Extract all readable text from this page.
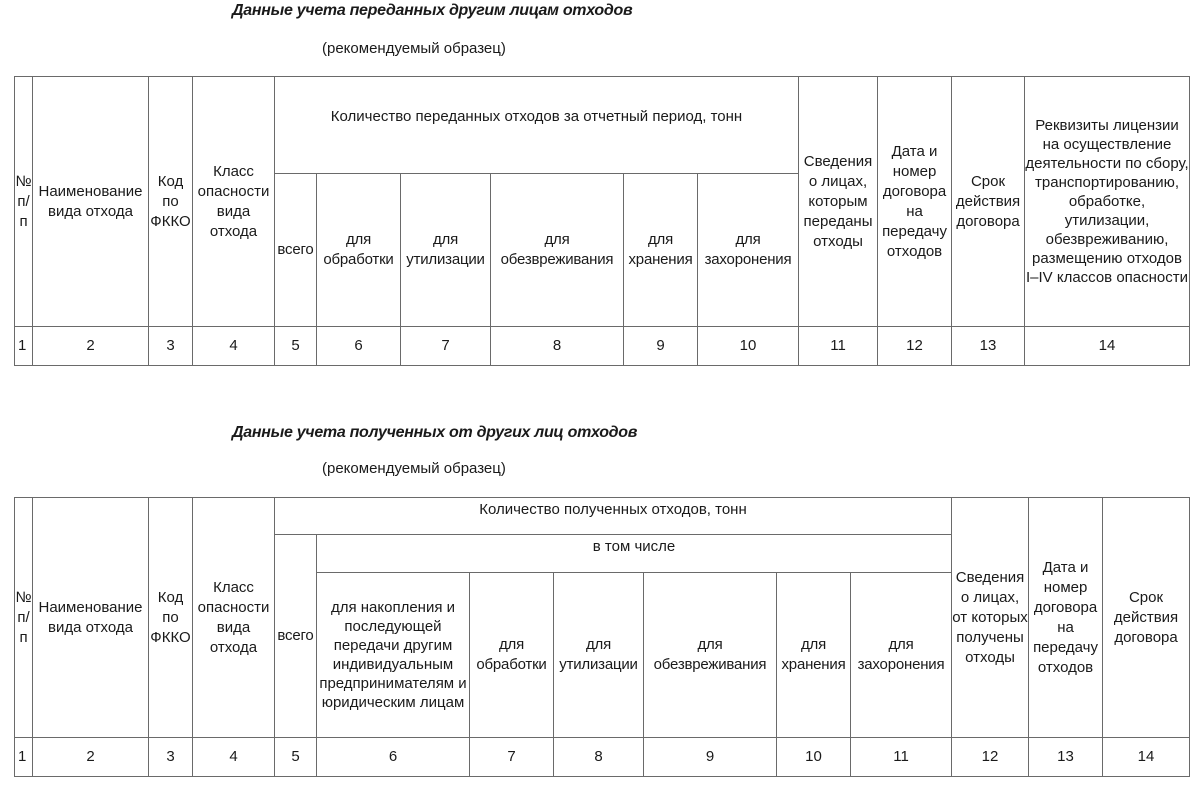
Данные учета переданных другим лицам отходов

(рекомендуемый образец)

№ п/п	Наименование вида отхода	Код по ФККО	Класс опасности вида отхода	Количество переданных отходов за отчетный период, тонн						Сведения о лицах, которым переданы отходы	Дата и номер договора на передачу отходов	Срок действия договора	Реквизиты лицензии на осуществление деятельности по сбору, транспортированию, обработке, утилизации, обезвреживанию, размещению отходов I–IV классов опасности
				всего	для обработки	для утилизации	для обезвреживания	для хранения	для захоронения				
1	2	3	4	5	6	7	8	9	10	11	12	13	14

Данные учета полученных от других лиц отходов

(рекомендуемый образец)

№ п/п	Наименование вида отхода	Код по ФККО	Класс опасности вида отхода	Количество полученных отходов, тонн							Сведения о лицах, от которых получены отходы	Дата и номер договора на передачу отходов	Срок действия договора
				всего	в том числе								
					для накопления и последующей передачи другим индивидуальным предпринимателям и юридическим лицам	для обработки	для утилизации	для обезвреживания	для хранения	для захоронения			
1	2	3	4	5	6	7	8	9	10	11	12	13	14
